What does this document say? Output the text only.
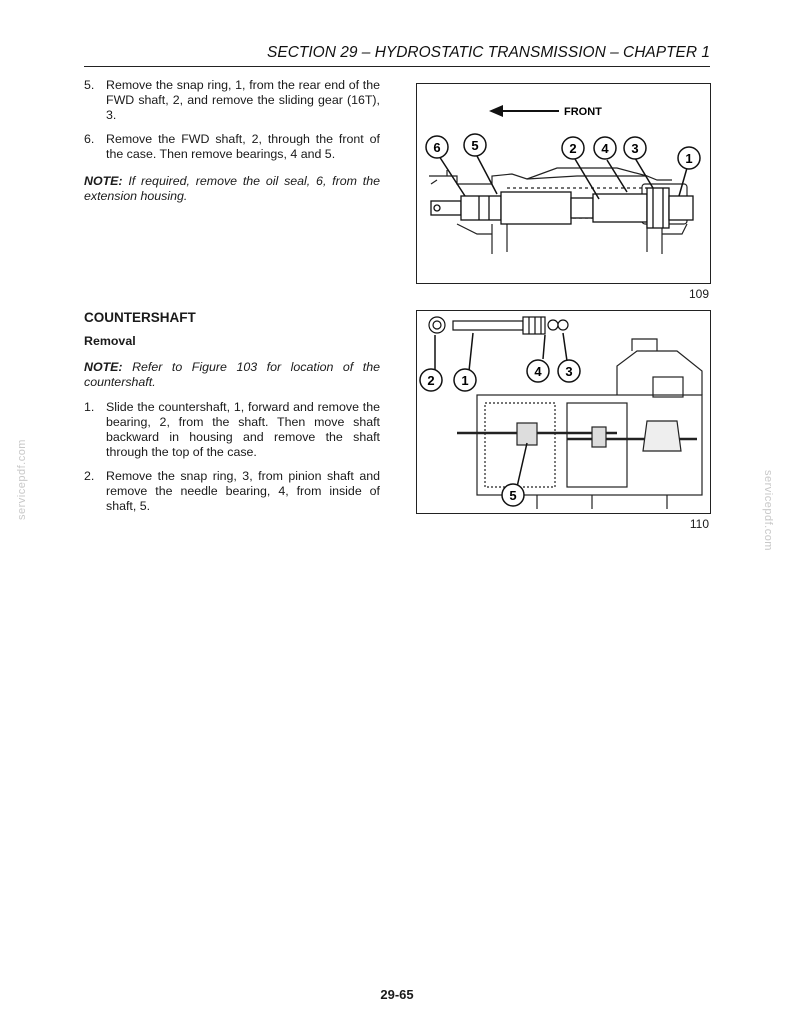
SECTION 29 – HYDROSTATIC TRANSMISSION – CHAPTER 1

5. Remove the snap ring, 1, from the rear end of the FWD shaft, 2, and remove the sliding gear (16T), 3.

6. Remove the FWD shaft, 2, through the front of the case. Then remove bearings, 4 and 5.

NOTE: If required, remove the oil seal, 6, from the extension housing.

FRONT
6 5	2 4 3
1
109

COUNTERSHAFT

Removal

NOTE: Refer to Figure 103 for location of the countershaft.

1. Slide the countershaft, 1, forward and remove the bearing, 2, from the shaft. Then move shaft backward in housing and remove the shaft through the top of the case.

2. Remove the snap ring, 3, from pinion shaft and remove the needle bearing, 4, from inside of shaft, 5.

2 1
4 3
5
110
servicepdf.com	servicepdf.com
29-65
